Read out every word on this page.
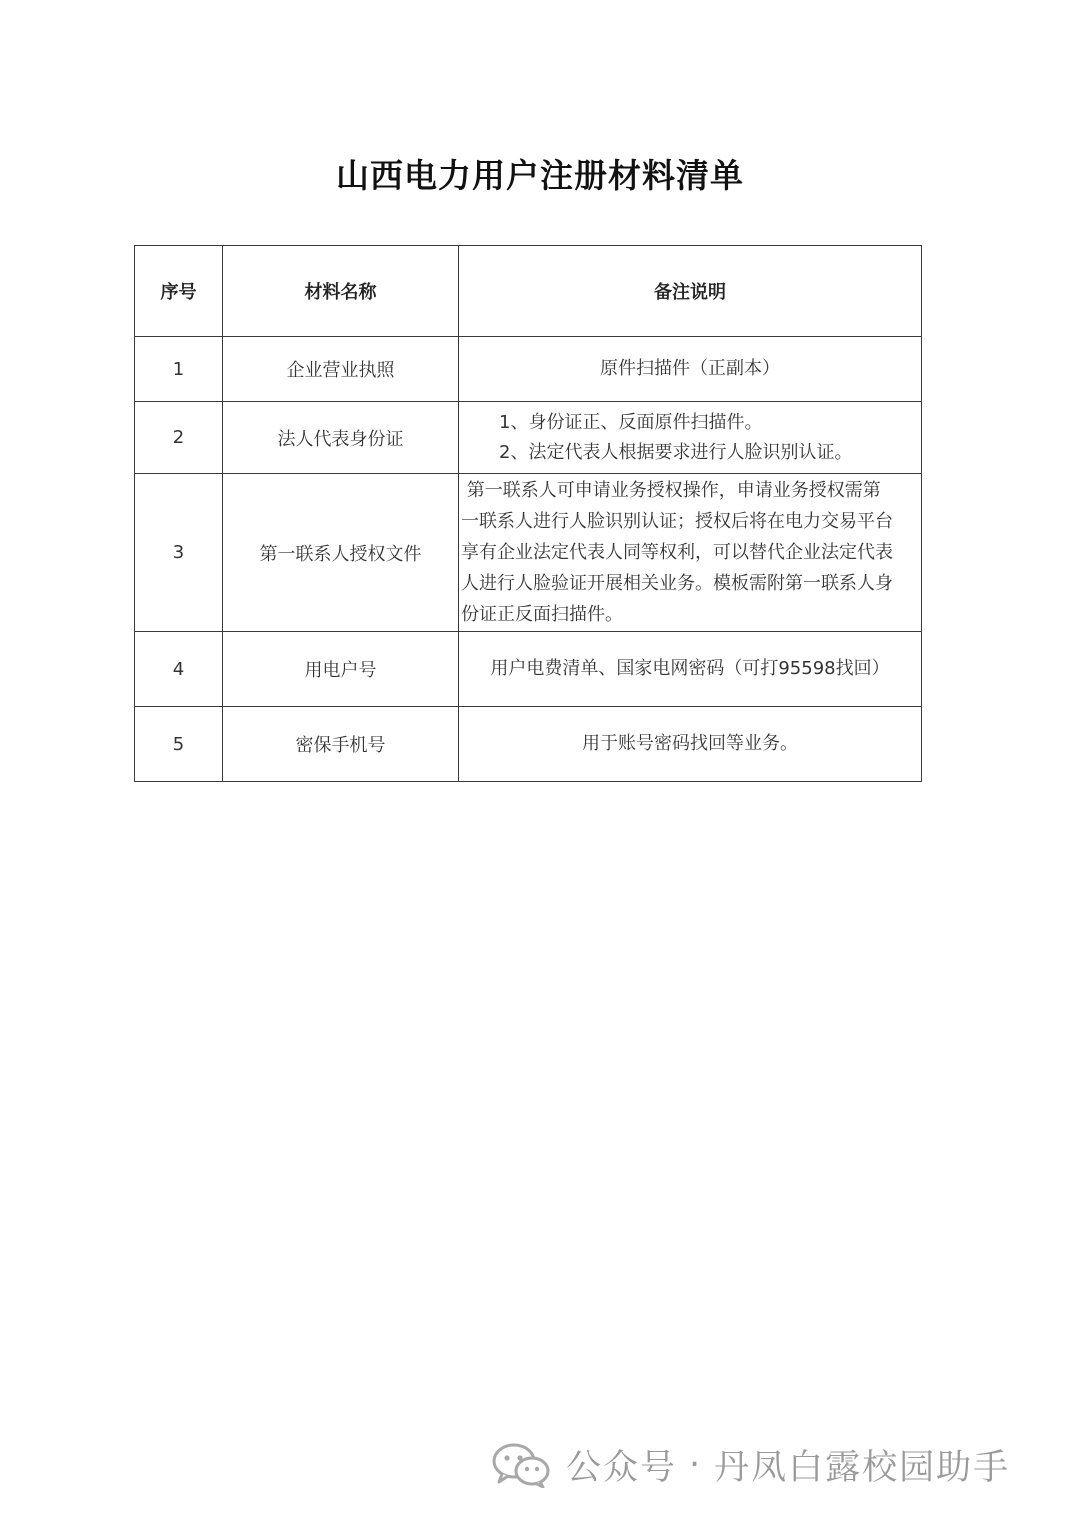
山西电力用户注册材料清单
序号	材料名称	备注说明
1	企业营业执照	原件扫描件（正副本）
2	法人代表身份证	1、身份证正、反面原件扫描件。
2、法定代表人根据要求进行人脸识别认证。

3	第一联系人授权文件	第一联系人可申请业务授权操作，申请业务授权需第
一联系人进行人脸识别认证；授权后将在电力交易平台
享有企业法定代表人同等权利，可以替代企业法定代表
人进行人脸验证开展相关业务。模板需附第一联系人身
份证正反面扫描件。

4	用电户号	用户电费清单、国家电网密码（可打95598找回）
5	密保手机号	用于账号密码找回等业务。
公众号 · 丹凤白露校园助手
